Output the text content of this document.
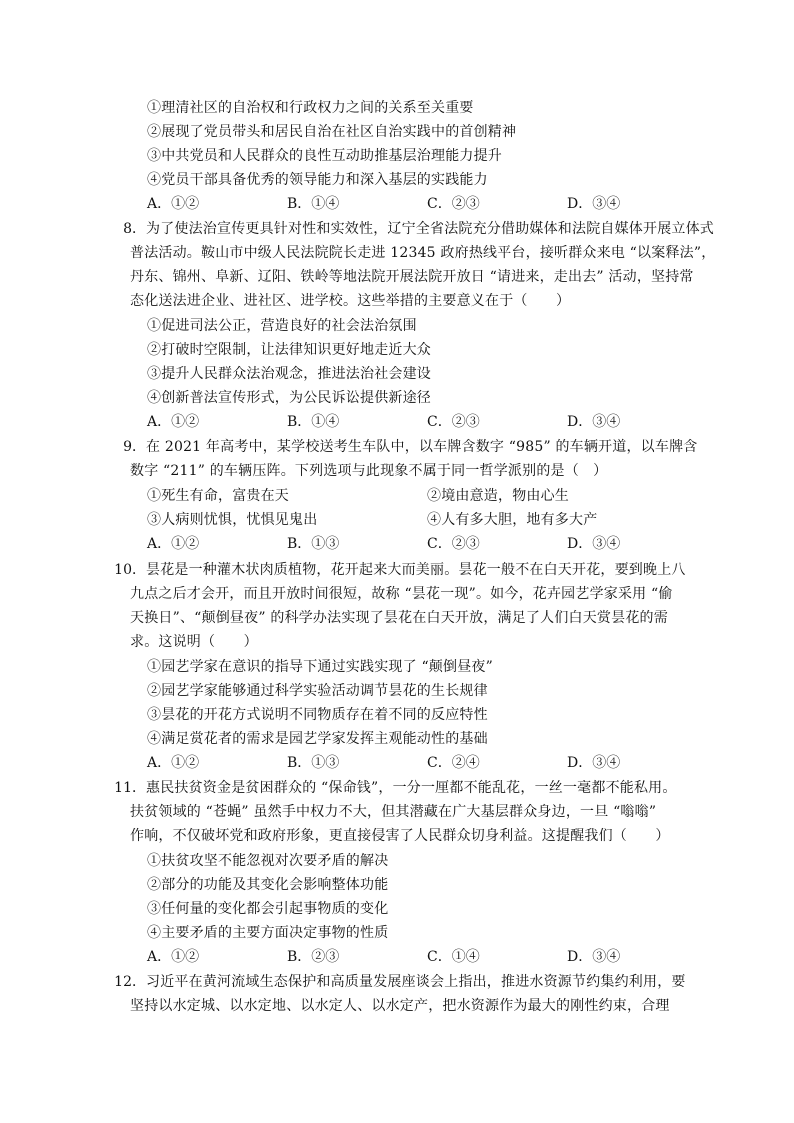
①理清社区的自治权和行政权力之间的关系至关重要
②展现了党员带头和居民自治在社区自治实践中的首创精神
③中共党员和人民群众的良性互动助推基层治理能力提升
④党员干部具备优秀的领导能力和深入基层的实践能力
A．①②	B．①④	C．②③	D．③④
8． 为了使法治宣传更具针对性和实效性，辽宁全省法院充分借助媒体和法院自媒体开展立体式
普法活动。鞍山市中级人民法院院长走进 12345 政府热线平台，接听群众来电 “以案释法”，
丹东、锦州、阜新、辽阳、铁岭等地法院开展法院开放日 “请进来，走出去” 活动，坚持常
态化送法进企业、进社区、进学校。这些举措的主要意义在于（　　）
①促进司法公正，营造良好的社会法治氛围
②打破时空限制，让法律知识更好地走近大众
③提升人民群众法治观念，推进法治社会建设
④创新普法宣传形式，为公民诉讼提供新途径
A．①②	B．①④	C．②③	D．③④
9． 在 2021 年高考中，某学校送考生车队中，以车牌含数字 “985” 的车辆开道，以车牌含
数字 “211” 的车辆压阵。下列选项与此现象不属于同一哲学派别的是（　）
①死生有命，富贵在天	②境由意造，物由心生
③人病则忧惧，忧惧见鬼出	④人有多大胆，地有多大产
A．①②	B．①③	C．②③	D．③④
10． 昙花是一种灌木状肉质植物，花开起来大而美丽。昙花一般不在白天开花，要到晚上八
九点之后才会开，而且开放时间很短，故称 “昙花一现”。如今，花卉园艺学家采用 “偷
天换日”、“颠倒昼夜” 的科学办法实现了昙花在白天开放，满足了人们白天赏昙花的需
求。这说明（　　）
①园艺学家在意识的指导下通过实践实现了 “颠倒昼夜”
②园艺学家能够通过科学实验活动调节昙花的生长规律
③昙花的开花方式说明不同物质存在着不同的反应特性
④满足赏花者的需求是园艺学家发挥主观能动性的基础
A．①②	B．①③	C．②④	D．③④
11． 惠民扶贫资金是贫困群众的 “保命钱”，一分一厘都不能乱花，一丝一毫都不能私用。
扶贫领域的 “苍蝇” 虽然手中权力不大，但其潜藏在广大基层群众身边，一旦 “嗡嗡”
作响，不仅破坏党和政府形象，更直接侵害了人民群众切身利益。这提醒我们（　　）
①扶贫攻坚不能忽视对次要矛盾的解决
②部分的功能及其变化会影响整体功能
③任何量的变化都会引起事物质的变化
④主要矛盾的主要方面决定事物的性质
A．①②	B．②③	C．①④	D．③④
12． 习近平在黄河流域生态保护和高质量发展座谈会上指出，推进水资源节约集约利用，要
坚持以水定城、以水定地、以水定人、以水定产，把水资源作为最大的刚性约束，合理
